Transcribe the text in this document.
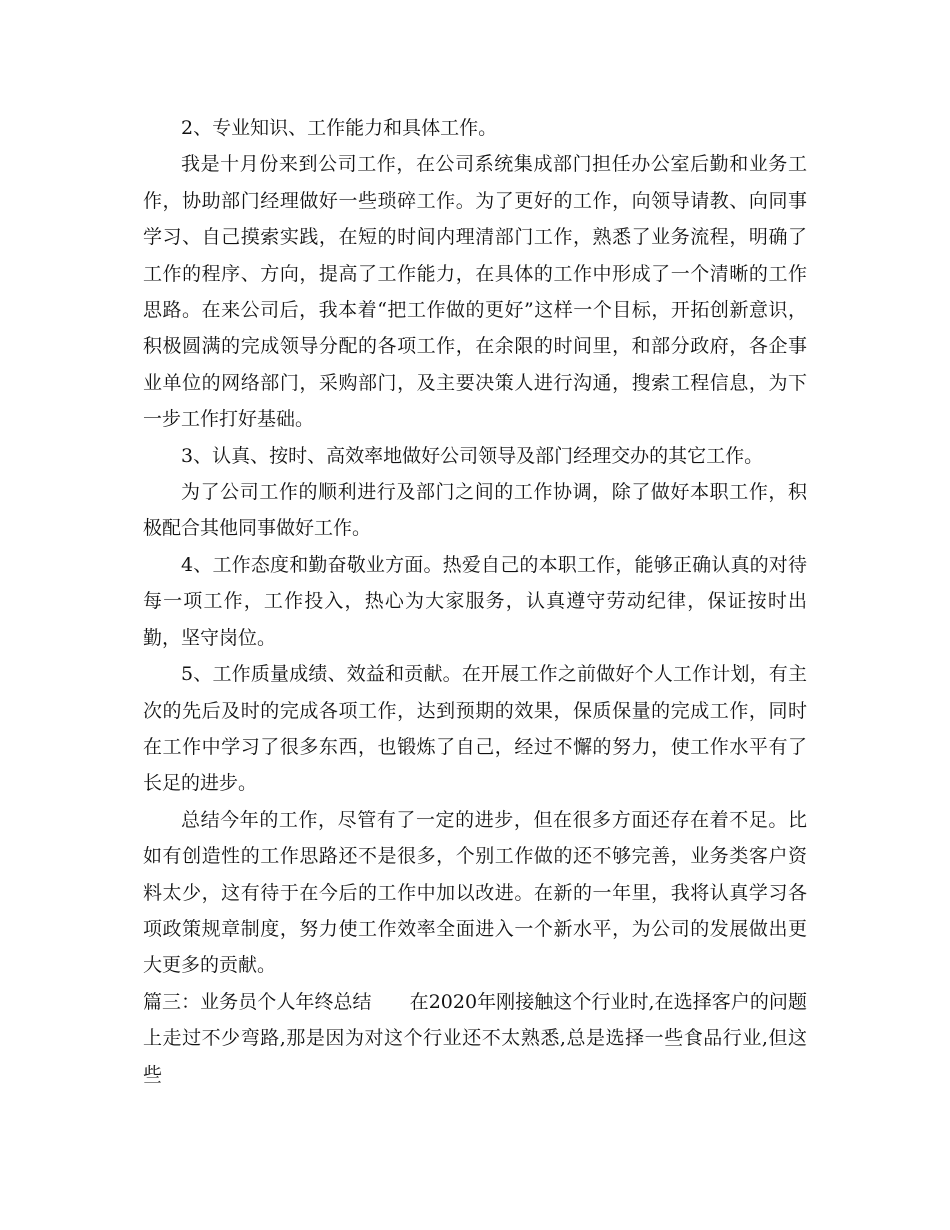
2、专业知识、工作能力和具体工作。

我是十月份来到公司工作，在公司系统集成部门担任办公室后勤和业务工作，协助部门经理做好一些琐碎工作。为了更好的工作，向领导请教、向同事学习、自己摸索实践，在短的时间内理清部门工作，熟悉了业务流程，明确了工作的程序、方向，提高了工作能力，在具体的工作中形成了一个清晰的工作思路。在来公司后，我本着“把工作做的更好”这样一个目标，开拓创新意识，积极圆满的完成领导分配的各项工作，在余限的时间里，和部分政府，各企事业单位的网络部门，采购部门，及主要决策人进行沟通，搜索工程信息，为下一步工作打好基础。

3、认真、按时、高效率地做好公司领导及部门经理交办的其它工作。

为了公司工作的顺利进行及部门之间的工作协调，除了做好本职工作，积极配合其他同事做好工作。

4、工作态度和勤奋敬业方面。热爱自己的本职工作，能够正确认真的对待每一项工作，工作投入，热心为大家服务，认真遵守劳动纪律，保证按时出勤，坚守岗位。

5、工作质量成绩、效益和贡献。在开展工作之前做好个人工作计划，有主次的先后及时的完成各项工作，达到预期的效果，保质保量的完成工作，同时在工作中学习了很多东西，也锻炼了自己，经过不懈的努力，使工作水平有了长足的进步。

总结今年的工作，尽管有了一定的进步，但在很多方面还存在着不足。比如有创造性的工作思路还不是很多，个别工作做的还不够完善，业务类客户资料太少，这有待于在今后的工作中加以改进。在新的一年里，我将认真学习各项政策规章制度，努力使工作效率全面进入一个新水平，为公司的发展做出更大更多的贡献。

篇三：业务员个人年终总结 在2020年刚接触这个行业时,在选择客户的问题上走过不少弯路,那是因为对这个行业还不太熟悉,总是选择一些食品行业,但这些
